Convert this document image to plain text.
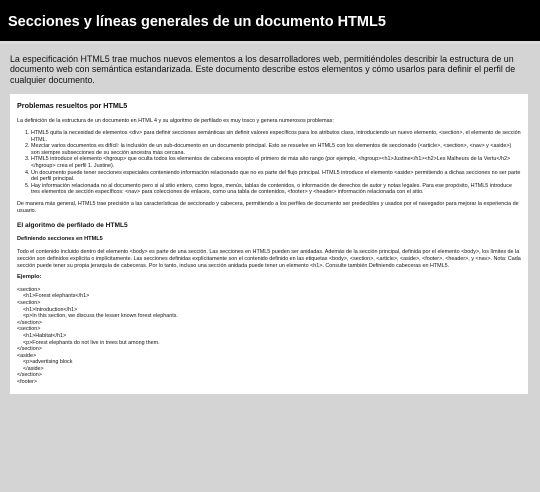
Secciones y líneas generales de un documento HTML5

La especificación HTML5 trae muchos nuevos elementos a los desarrolladores web, permitiéndoles describir la estructura de un documento web con semántica estandarizada. Este documento describe estos elementos y cómo usarlos para definir el perfil de cualquier documento.

Problemas resueltos por HTML5

La definición de la estructura de un documento en HTML 4 y su algoritmo de perfilado es muy tosco y genera numerosos problemas:

1. HTML5 quita la necesidad de elementos <div> para definir secciones semánticas sin definir valores específicos para los atributos class, introduciendo un nuevo elemento, <section>, el elemento de sección HTML.
2. Mezclar varios documentos es difícil: la inclusión de un sub-documento en un documento principal. Esto se resuelve en HTML5 con los elementos de seccionado (<article>, <section>, <nav> y <aside>) son siempre subsecciones de su sección ancestra más cercana.
3. HTML5 introduce el elemento <hgroup> que oculta todos los elementos de cabecera excepto el primero de más alto rango (por ejemplo, <hgroup><h1>Justine</h1><h2>Les Malheurs de la Vertu</h2></hgroup> crea el perfil 1. Justine).
4. Un documento puede tener secciones especiales conteniendo información relacionado que no es parte del flujo principal. HTML5 introduce el elemento <aside> permitiendo a dichas secciones no ser parte del perfil principal.
5. Hay información relacionada no al documento pero si al sitio entero, como logos, menús, tablas de contenidos, o información de derechos de autor y notas legales. Para ese propósito, HTML5 introduce tres elementos de sección específicos: <nav> para colecciones de enlaces, como una tabla de contenidos, <footer> y <header> información relacionada con el sitio.

De manera más general, HTML5 trae precisión a las características de seccionado y cabecera, permitiendo a los perfiles de documento ser predecibles y usados por el navegador para mejorar la experiencia de usuario.

El algoritmo de perfilado de HTML5
Definiendo secciones en HTML5

Todo el contenido incluido dentro del elemento <body> es parte de una sección. Las secciones en HTML5 pueden ser anidadas. Además de la sección principal, definida por el elemento <body>, los límites de la sección son definidos explícita o implícitamente. Las secciones definidas explícitamente son el contenido definido en las etiquetas <body>, <section>, <article>, <aside>, <footer>, <header>, y <nav>. Nota: Cada sección puede tener su propia jerarquía de cabeceras. Por lo tanto, incluso una sección anidada puede tener un elemento <h1>. Consulte también Definiendo cabeceras en HTML5.

Ejemplo:
<section>
<h1>Forest elephants</h1>
<section>
<h1>Introduction</h1>
<p>In this section, we discuss the lesser known forest elephants.
</section>
<section>
<h1>Habitat</h1>
<p>Forest elephants do not live in trees but among them.
</section>
<aside>
<p>advertising block
</aside>
</section>
<footer>
